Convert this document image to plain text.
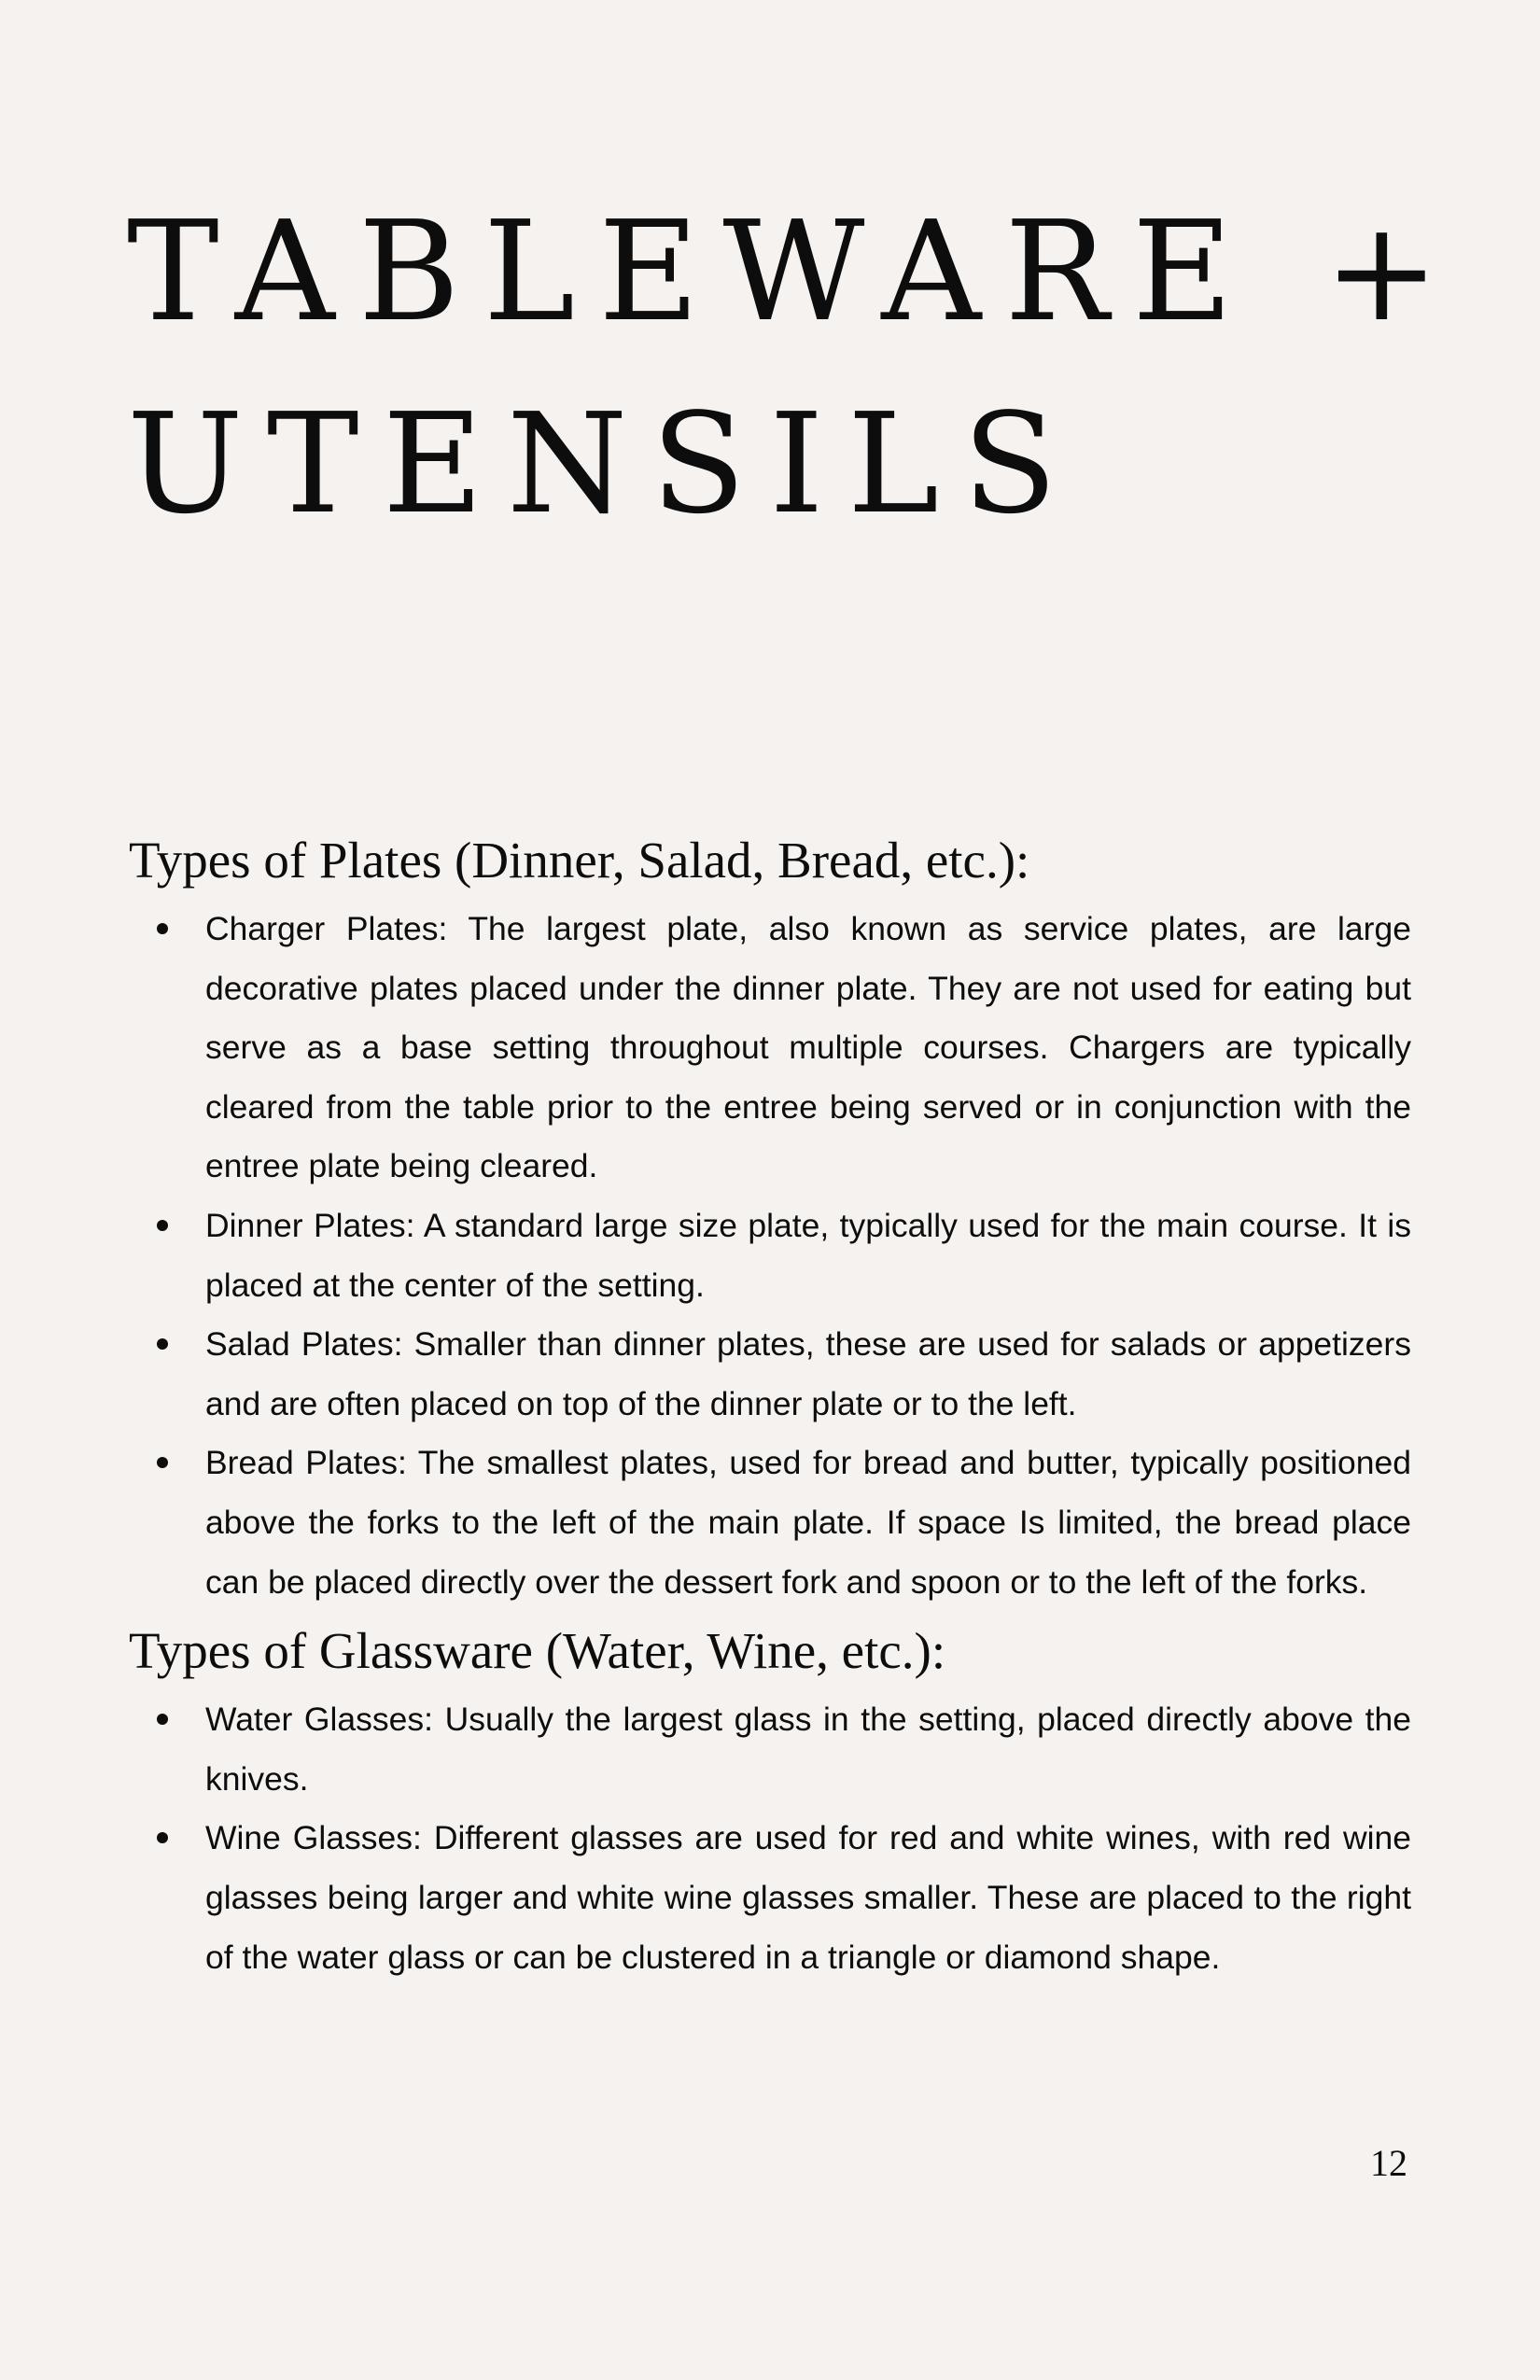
TABLEWARE +
UTENSILS
Types of Plates (Dinner, Salad, Bread, etc.):
Charger Plates: The largest plate, also known as service plates, are large decorative plates placed under the dinner plate. They are not used for eating but serve as a base setting throughout multiple courses. Chargers are typically cleared from the table prior to the entree being served or in conjunction with the entree plate being cleared.
Dinner Plates: A standard large size plate, typically used for the main course. It is placed at the center of the setting.
Salad Plates: Smaller than dinner plates, these are used for salads or appetizers and are often placed on top of the dinner plate or to the left.
Bread Plates: The smallest plates, used for bread and butter, typically positioned above the forks to the left of the main plate. If space Is limited, the bread place can be placed directly over the dessert fork and spoon or to the left of the forks.
Types of Glassware (Water, Wine, etc.):
Water Glasses: Usually the largest glass in the setting, placed directly above the knives.
Wine Glasses: Different glasses are used for red and white wines, with red wine glasses being larger and white wine glasses smaller. These are placed to the right of the water glass or can be clustered in a triangle or diamond shape.
12
